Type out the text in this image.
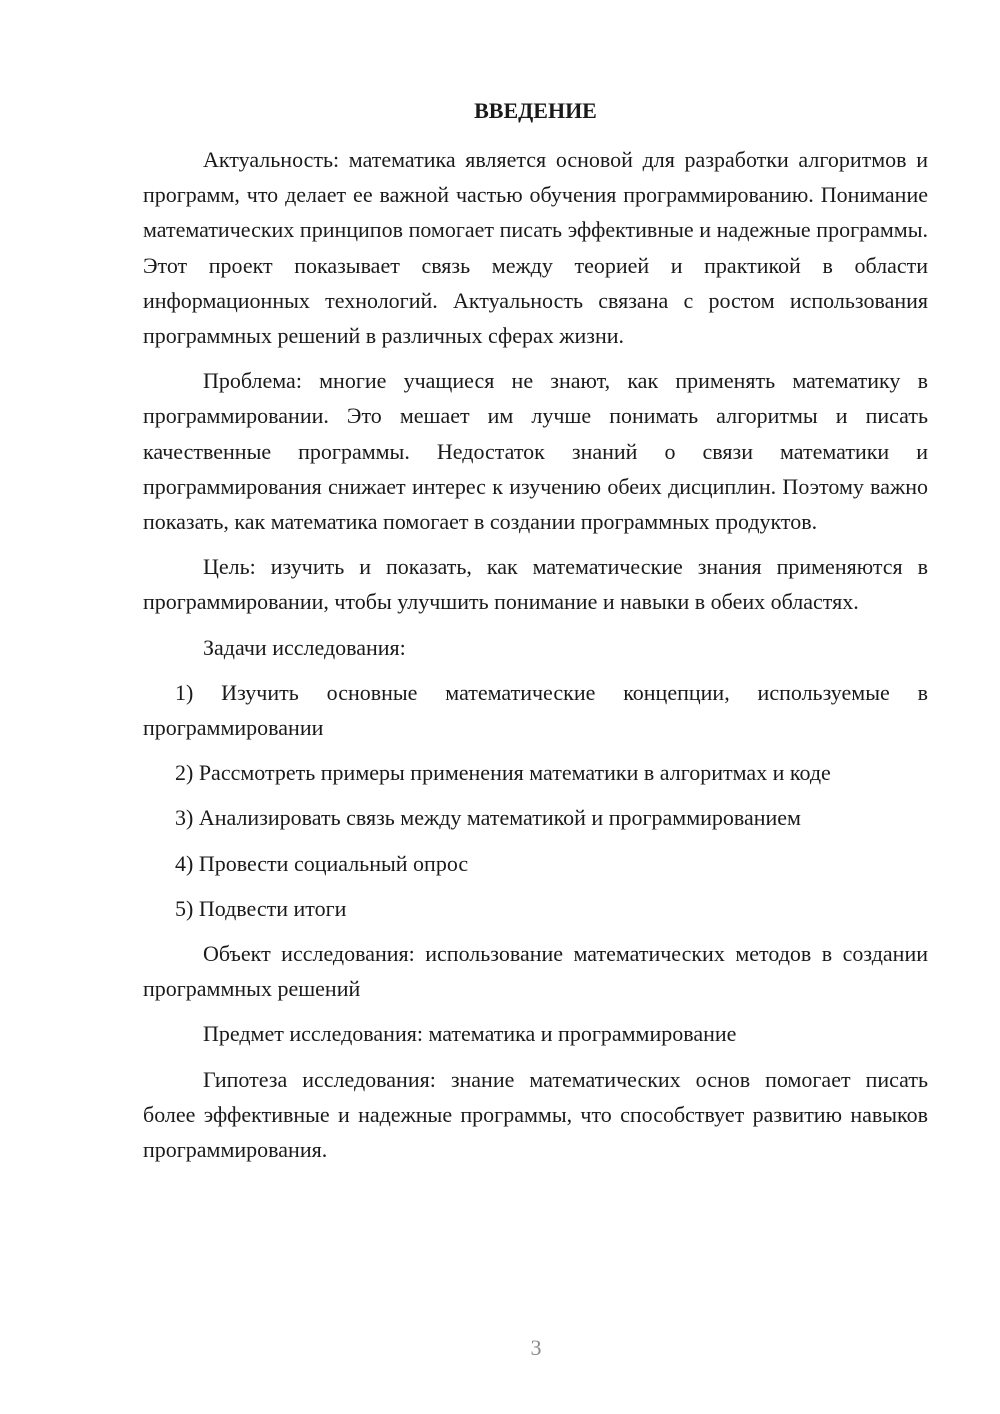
ВВЕДЕНИЕ

Актуальность: математика является основой для разработки алгоритмов и программ, что делает ее важной частью обучения программированию. Понимание математических принципов помогает писать эффективные и надежные программы. Этот проект показывает связь между теорией и практикой в области информационных технологий. Актуальность связана с ростом использования программных решений в различных сферах жизни.

Проблема: многие учащиеся не знают, как применять математику в программировании. Это мешает им лучше понимать алгоритмы и писать качественные программы. Недостаток знаний о связи математики и программирования снижает интерес к изучению обеих дисциплин. Поэтому важно показать, как математика помогает в создании программных продуктов.

Цель: изучить и показать, как математические знания применяются в программировании, чтобы улучшить понимание и навыки в обеих областях.

Задачи исследования:

1) Изучить основные математические концепции, используемые в программировании

2) Рассмотреть примеры применения математики в алгоритмах и коде

3) Анализировать связь между математикой и программированием

4) Провести социальный опрос

5) Подвести итоги

Объект исследования: использование математических методов в создании программных решений

Предмет исследования: математика и программирование

Гипотеза исследования: знание математических основ помогает писать более эффективные и надежные программы, что способствует развитию навыков программирования.

3
